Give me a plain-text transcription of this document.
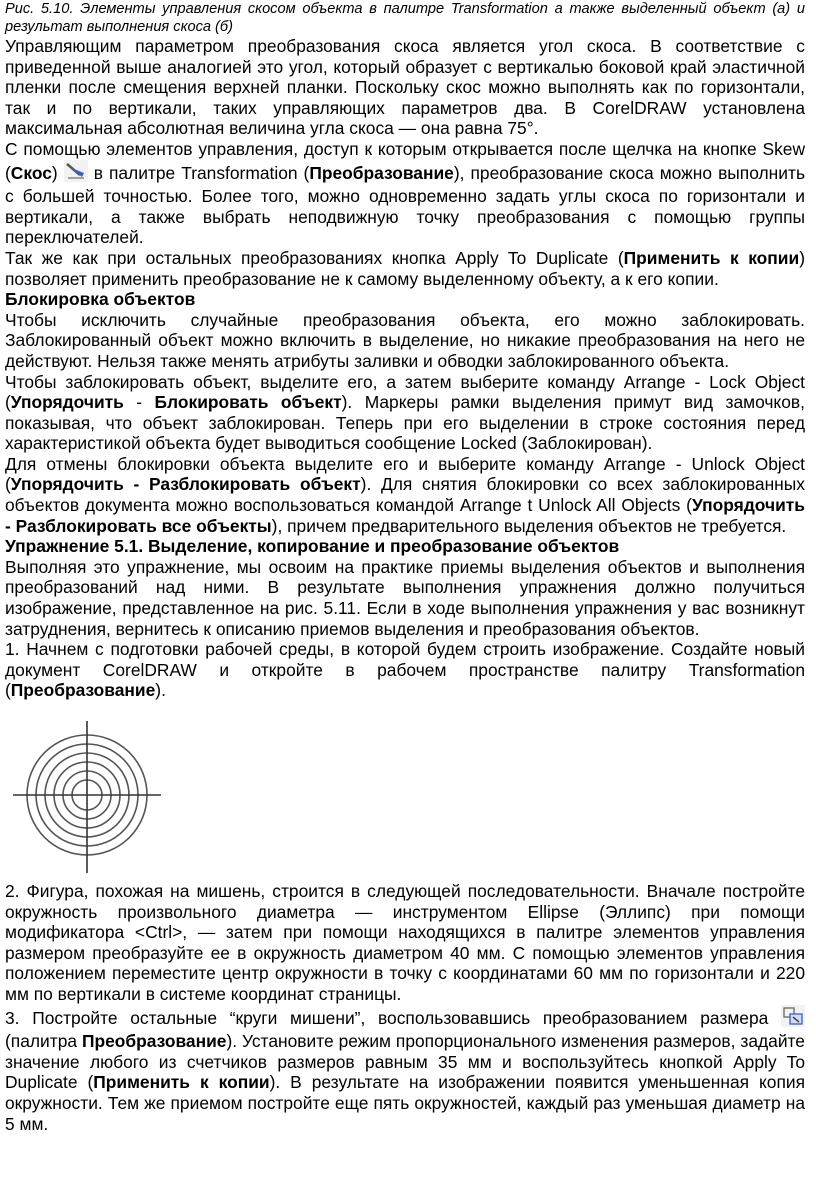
Рис. 5.10. Элементы управления скосом объекта в палитре Transformation а также выделенный объект (а) и результат выполнения скоса (б)

Управляющим параметром преобразования скоса является угол скоса. В соответствие с приведенной выше аналогией это угол, который образует с вертикалью боковой край эластичной пленки после смещения верхней планки. Поскольку скос можно выполнять как по горизонтали, так и по вертикали, таких управляющих параметров два. В CorelDRAW установлена максимальная абсолютная величина угла скоса — она равна 75°.

С помощью элементов управления, доступ к которым открывается после щелчка на кнопке Skew (Скос)  в палитре Transformation (Преобразование), преобразование скоса можно выполнить с большей точностью. Более того, можно одновременно задать углы скоса по горизонтали и вертикали, а также выбрать неподвижную точку преобразования с помощью группы переключателей.

Так же как при остальных преобразованиях кнопка Apply To Duplicate (Применить к копии) позволяет применить преобразование не к самому выделенному объекту, а к его копии.

Блокировка объектов

Чтобы исключить случайные преобразования объекта, его можно заблокировать. Заблокированный объект можно включить в выделение, но никакие преобразования на него не действуют. Нельзя также менять атрибуты заливки и обводки заблокированного объекта.

Чтобы заблокировать объект, выделите его, а затем выберите команду Arrange - Lock Object (Упорядочить - Блокировать объект). Маркеры рамки выделения примут вид замочков, показывая, что объект заблокирован. Теперь при его выделении в строке состояния перед характеристикой объекта будет выводиться сообщение Locked (Заблокирован).

Для отмены блокировки объекта выделите его и выберите команду Arrange - Unlock Object (Упорядочить - Разблокировать объект). Для снятия блокировки со всех заблокированных объектов документа можно воспользоваться командой Arrange t Unlock All Objects (Упорядочить - Разблокировать все объекты), причем предварительного выделения объектов не требуется.

Упражнение 5.1. Выделение, копирование и преобразование объектов

Выполняя это упражнение, мы освоим на практике приемы выделения объектов и выполнения преобразований над ними. В результате выполнения упражнения должно получиться изображение, представленное на рис. 5.11. Если в ходе выполнения упражнения у вас возникнут затруднения, вернитесь к описанию приемов выделения и преобразования объектов.

1. Начнем с подготовки рабочей среды, в которой будем строить изображение. Создайте новый документ CorelDRAW и откройте в рабочем пространстве палитру Transformation (Преобразование).

2. Фигура, похожая на мишень, строится в следующей последовательности. Вначале постройте окружность произвольного диаметра — инструментом Ellipse (Эллипс) при помощи модификатора <Ctrl>, — затем при помощи находящихся в палитре элементов управления размером преобразуйте ее в окружность диаметром 40 мм. С помощью элементов управления положением переместите центр окружности в точку с координатами 60 мм по горизонтали и 220 мм по вертикали в системе координат страницы.

3. Постройте остальные “круги мишени”, воспользовавшись преобразованием размера  (палитра Преобразование). Установите режим пропорционального изменения размеров, задайте значение любого из счетчиков размеров равным 35 мм и воспользуйтесь кнопкой Apply To Duplicate (Применить к копии). В результате на изображении появится уменьшенная копия окружности. Тем же приемом постройте еще пять окружностей, каждый раз уменьшая диаметр на 5 мм.
